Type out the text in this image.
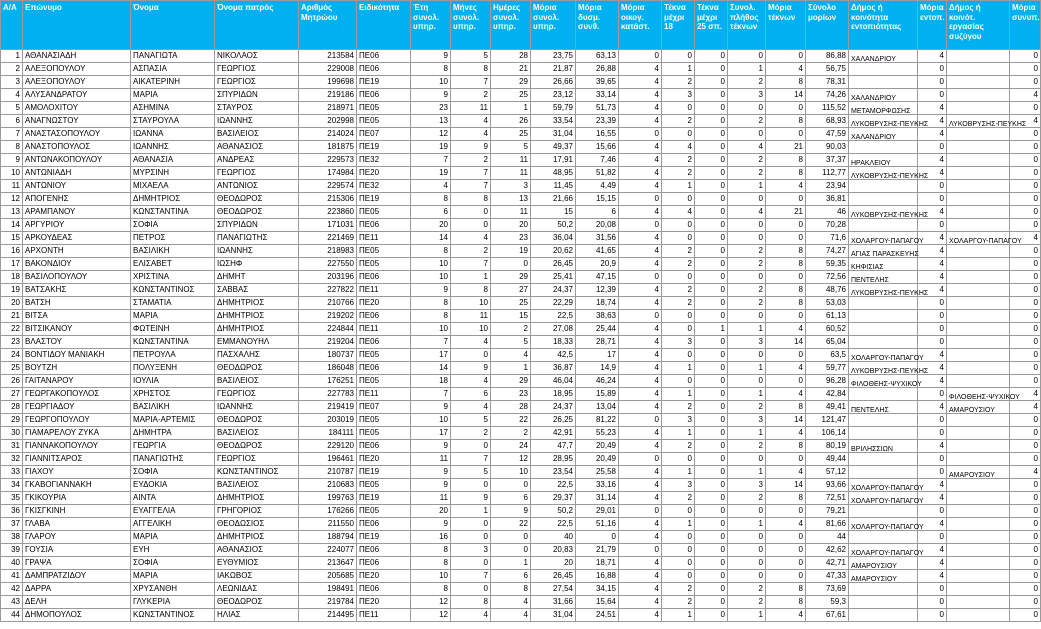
Α/Α	Επώνυμο	Όνομα	Όνομα πατρός	Αριθμός Μητρώου	Ειδικότητα	Έτη συνολ. υπηρ.	Μήνες συνολ. υπηρ.	Ημέρες συνολ. υπηρ.	Μόρια συνολ. υπηρ.	Μόρια δυσμ. συνθ.	Μόρια οικογ. κατάστ.	Τέκνα μέχρι 18	Τέκνα μέχρι 25 σπ.	Συνολ. πλήθος τέκνων	Μόρια τέκνων	Σύνολο μορίων	Δήμος ή κοινότητα εντοπιότητας	Μόρια εντοπ.	Δήμος ή κοινότ. εργασίας συζύγου	Μόρια συνυπ.
1	ΑΘΑΝΑΣΙΑΔΗ	ΠΑΝΑΓΙΩΤΑ	ΝΙΚΟΛΑΟΣ	213584	ΠΕ06	9	5	28	23,75	63,13	0	0	0	0	0	86,88	ΧΑΛΑΝΔΡΙΟΥ	4		0
2	ΑΛΕΞΟΠΟΥΛΟΥ	ΑΣΠΑΣΙΑ	ΓΕΩΡΓΙΟΣ	229008	ΠΕ06	8	8	21	21,87	26,88	4	1	0	1	4	56,75		0		0
3	ΑΛΕΞΟΠΟΥΛΟΥ	ΑΙΚΑΤΕΡΙΝΗ	ΓΕΩΡΓΙΟΣ	199698	ΠΕ19	10	7	29	26,66	39,65	4	2	0	2	8	78,31		0		0
4	ΑΛΥΣΑΝΔΡΑΤΟΥ	ΜΑΡΙΑ	ΣΠΥΡΙΔΩΝ	219186	ΠΕ06	9	2	25	23,12	33,14	4	3	0	3	14	74,26	ΧΑΛΑΝΔΡΙΟΥ	0		4
5	ΑΜΟΛΟΧΙΤΟΥ	ΑΣΗΜΙΝΑ	ΣΤΑΥΡΟΣ	218971	ΠΕ05	23	11	1	59,79	51,73	4	0	0	0	0	115,52	ΜΕΤΑΜΟΡΦΩΣΗΣ	4		0
6	ΑΝΑΓΝΩΣΤΟΥ	ΣΤΑΥΡΟΥΛΑ	ΙΩΑΝΝΗΣ	202998	ΠΕ05	13	4	26	33,54	23,39	4	2	0	2	8	68,93	ΛΥΚΟΒΡΥΣΗΣ-ΠΕΥΚΗΣ	4	ΛΥΚΟΒΡΥΣΗΣ-ΠΕΥΚΗΣ	4
7	ΑΝΑΣΤΑΣΟΠΟΥΛΟΥ	ΙΩΑΝΝΑ	ΒΑΣΙΛΕΙΟΣ	214024	ΠΕ07	12	4	25	31,04	16,55	0	0	0	0	0	47,59	ΧΑΛΑΝΔΡΙΟΥ	4		0
8	ΑΝΑΣΤΟΠΟΥΛΟΣ	ΙΩΑΝΝΗΣ	ΑΘΑΝΑΣΙΟΣ	181875	ΠΕ19	19	9	5	49,37	15,66	4	4	0	4	21	90,03		0		0
9	ΑΝΤΩΝΑΚΟΠΟΥΛΟΥ	ΑΘΑΝΑΣΙΑ	ΑΝΔΡΕΑΣ	229573	ΠΕ32	7	2	11	17,91	7,46	4	2	0	2	8	37,37	ΗΡΑΚΛΕΙΟΥ	4		0
10	ΑΝΤΩΝΙΑΔΗ	ΜΥΡΣΙΝΗ	ΓΕΩΡΓΙΟΣ	174984	ΠΕ20	19	7	11	48,95	51,82	4	2	0	2	8	112,77	ΛΥΚΟΒΡΥΣΗΣ-ΠΕΥΚΗΣ	4		0
11	ΑΝΤΩΝΙΟΥ	ΜΙΧΑΕΛΑ	ΑΝΤΩΝΙΟΣ	229574	ΠΕ32	4	7	3	11,45	4,49	4	1	0	1	4	23,94		0		0
12	ΑΠΟΓΕΝΗΣ	ΔΗΜΗΤΡΙΟΣ	ΘΕΟΔΩΡΟΣ	215306	ΠΕ19	8	8	13	21,66	15,15	0	0	0	0	0	36,81		0		0
13	ΑΡΑΜΠΑΝΟΥ	ΚΩΝΣΤΑΝΤΙΝΑ	ΘΕΟΔΩΡΟΣ	223860	ΠΕ05	6	0	11	15	6	4	4	0	4	21	46	ΛΥΚΟΒΡΥΣΗΣ-ΠΕΥΚΗΣ	4		0
14	ΑΡΓΥΡΙΟΥ	ΣΟΦΙΑ	ΣΠΥΡΙΔΩΝ	171031	ΠΕ06	20	0	20	50,2	20,08	0	0	0	0	0	70,28		0		0
15	ΑΡΚΟΥΔΕΑΣ	ΠΕΤΡΟΣ	ΠΑΝΑΓΙΩΤΗΣ	221469	ΠΕ11	14	4	23	36,04	31,56	4	0	0	0	0	71,6	ΧΟΛΑΡΓΟΥ-ΠΑΠΑΓΟΥ	4	ΧΟΛΑΡΓΟΥ-ΠΑΠΑΓΟΥ	4
16	ΑΡΧΟΝΤΗ	ΒΑΣΙΛΙΚΗ	ΙΩΑΝΝΗΣ	218983	ΠΕ05	8	2	19	20,62	41,65	4	2	0	2	8	74,27	ΑΓΙΑΣ ΠΑΡΑΣΚΕΥΗΣ	4		0
17	ΒΑΚΟΝΔΙΟΥ	ΕΛΙΣΑΒΕΤ	ΙΩΣΗΦ	227550	ΠΕ05	10	7	0	26,45	20,9	4	2	0	2	8	59,35	ΚΗΦΙΣΙΑΣ	4		0
18	ΒΑΣΙΛΟΠΟΥΛΟΥ	ΧΡΙΣΤΙΝΑ	ΔΗΜΗΤ	203196	ΠΕ06	10	1	29	25,41	47,15	0	0	0	0	0	72,56	ΠΕΝΤΕΛΗΣ	4		0
19	ΒΑΤΣΑΚΗΣ	ΚΩΝΣΤΑΝΤΙΝΟΣ	ΣΑΒΒΑΣ	227822	ΠΕ11	9	8	27	24,37	12,39	4	2	0	2	8	48,76	ΛΥΚΟΒΡΥΣΗΣ-ΠΕΥΚΗΣ	4		0
20	ΒΑΤΣΗ	ΣΤΑΜΑΤΙΑ	ΔΗΜΗΤΡΙΟΣ	210766	ΠΕ20	8	10	25	22,29	18,74	4	2	0	2	8	53,03		0		0
21	ΒΙΤΣΑ	ΜΑΡΙΑ	ΔΗΜΗΤΡΙΟΣ	219202	ΠΕ06	8	11	15	22,5	38,63	0	0	0	0	0	61,13		0		0
22	ΒΙΤΣΙΚΑΝΟΥ	ΦΩΤΕΙΝΗ	ΔΗΜΗΤΡΙΟΣ	224844	ΠΕ11	10	10	2	27,08	25,44	4	0	1	1	4	60,52		0		0
23	ΒΛΑΣΤΟΥ	ΚΩΝΣΤΑΝΤΙΝΑ	ΕΜΜΑΝΟΥΗΛ	219204	ΠΕ06	7	4	5	18,33	28,71	4	3	0	3	14	65,04		0		0
24	ΒΟΝΤΙΔΟΥ ΜΑΝΙΑΚΗ	ΠΕΤΡΟΥΛΑ	ΠΑΣΧΑΛΗΣ	180737	ΠΕ05	17	0	4	42,5	17	4	0	0	0	0	63,5	ΧΟΛΑΡΓΟΥ-ΠΑΠΑΓΟΥ	4		0
25	ΒΟΥΤΖΗ	ΠΟΛΥΞΕΝΗ	ΘΕΟΔΩΡΟΣ	186048	ΠΕ06	14	9	1	36,87	14,9	4	1	0	1	4	59,77	ΛΥΚΟΒΡΥΣΗΣ-ΠΕΥΚΗΣ	4		0
26	ΓΑΙΤΑΝΑΡΟΥ	ΙΟΥΛΙΑ	ΒΑΣΙΛΕΙΟΣ	176251	ΠΕ05	18	4	29	46,04	46,24	4	0	0	0	0	96,28	ΦΙΛΟΘΕΗΣ-ΨΥΧΙΚΟΥ	4		0
27	ΓΕΩΡΓΑΚΟΠΟΥΛΟΣ	ΧΡΗΣΤΟΣ	ΓΕΩΡΓΙΟΣ	227783	ΠΕ11	7	6	23	18,95	15,89	4	1	0	1	4	42,84		0	ΦΙΛΟΘΕΗΣ-ΨΥΧΙΚΟΥ	4
28	ΓΕΩΡΓΙΑΔΟΥ	ΒΑΣΙΛΙΚΗ	ΙΩΑΝΝΗΣ	219419	ΠΕ07	9	4	28	24,37	13,04	4	2	0	2	8	49,41	ΠΕΝΤΕΛΗΣ	4	ΑΜΑΡΟΥΣΙΟΥ	4
29	ΓΕΩΡΓΟΠΟΥΛΟΥ	ΜΑΡΙΑ-ΑΡΤΕΜΙΣ	ΘΕΟΔΩΡΟΣ	203019	ΠΕ05	10	5	22	26,25	81,22	0	3	0	3	14	121,47		0		0
30	ΓΙΑΜΑΡΕΛΟΥ ΖΥΚΑ	ΔΗΜΗΤΡΑ	ΒΑΣΙΛΕΙΟΣ	184111	ΠΕ05	17	2	2	42,91	55,23	4	1	0	1	4	106,14		0		0
31	ΓΙΑΝΝΑΚΟΠΟΥΛΟΥ	ΓΕΩΡΓΙΑ	ΘΕΟΔΩΡΟΣ	229120	ΠΕ06	9	0	24	47,7	20,49	4	2	0	2	8	80,19	ΒΡΙΛΗΣΣΙΩΝ	4		0
32	ΓΙΑΝΝΙΤΣΑΡΟΣ	ΠΑΝΑΓΙΩΤΗΣ	ΓΕΩΡΓΙΟΣ	196461	ΠΕ20	11	7	12	28,95	20,49	0	0	0	0	0	49,44		0		0
33	ΓΙΑΧΟΥ	ΣΟΦΙΑ	ΚΩΝΣΤΑΝΤΙΝΟΣ	210787	ΠΕ19	9	5	10	23,54	25,58	4	1	0	1	4	57,12		0	ΑΜΑΡΟΥΣΙΟΥ	4
34	ΓΚΑΒΟΓΙΑΝΝΑΚΗ	ΕΥΔΟΚΙΑ	ΒΑΣΙΛΕΙΟΣ	210683	ΠΕ05	9	0	0	22,5	33,16	4	3	0	3	14	93,66	ΧΟΛΑΡΓΟΥ-ΠΑΠΑΓΟΥ	4		0
35	ΓΚΙΚΟΥΡΙΑ	ΑΙΝΤΑ	ΔΗΜΗΤΡΙΟΣ	199763	ΠΕ19	11	9	6	29,37	31,14	4	2	0	2	8	72,51	ΧΟΛΑΡΓΟΥ-ΠΑΠΑΓΟΥ	4		0
36	ΓΚΙΣΓΚΙΝΗ	ΕΥΑΓΓΕΛΙΑ	ΓΡΗΓΟΡΙΟΣ	176266	ΠΕ05	20	1	9	50,2	29,01	0	0	0	0	0	79,21		0		0
37	ΓΛΑΒΑ	ΑΓΓΕΛΙΚΗ	ΘΕΟΔΩΣΙΟΣ	211550	ΠΕ06	9	0	22	22,5	51,16	4	1	0	1	4	81,66	ΧΟΛΑΡΓΟΥ-ΠΑΠΑΓΟΥ	4		0
38	ΓΛΑΡΟΥ	ΜΑΡΙΑ	ΔΗΜΗΤΡΙΟΣ	188794	ΠΕ19	16	0	0	40	0	4	0	0	0	0	44		0		0
39	ΓΟΥΣΙΑ	ΕΥΗ	ΑΘΑΝΑΣΙΟΣ	224077	ΠΕ06	8	3	0	20,83	21,79	0	0	0	0	0	42,62	ΧΟΛΑΡΓΟΥ-ΠΑΠΑΓΟΥ	4		0
40	ΓΡΑΨΑ	ΣΟΦΙΑ	ΕΥΘΥΜΙΟΣ	213647	ΠΕ06	8	0	1	20	18,71	4	0	0	0	0	42,71	ΑΜΑΡΟΥΣΙΟΥ	4		0
41	ΔΑΜΠΡΑΤΖΙΔΟΥ	ΜΑΡΙΑ	ΙΑΚΩΒΟΣ	205685	ΠΕ20	10	7	6	26,45	16,88	4	0	0	0	0	47,33	ΑΜΑΡΟΥΣΙΟΥ	4		0
42	ΔΑΡΡΑ	ΧΡΥΣΑΝΘΗ	ΛΕΩΝΙΔΑΣ	198491	ΠΕ06	8	0	8	27,54	34,15	4	2	0	2	8	73,69		0		0
43	ΔΕΛΗ	ΓΛΥΚΕΡΙΑ	ΘΕΟΔΩΡΟΣ	219784	ΠΕ20	12	8	4	31,66	15,64	4	2	0	2	8	59,3		0		0
44	ΔΗΜΟΠΟΥΛΟΣ	ΚΩΝΣΤΑΝΤΙΝΟΣ	ΗΛΙΑΣ	214495	ΠΕ11	12	4	4	31,04	24,51	4	1	0	1	4	67,61		0		0
